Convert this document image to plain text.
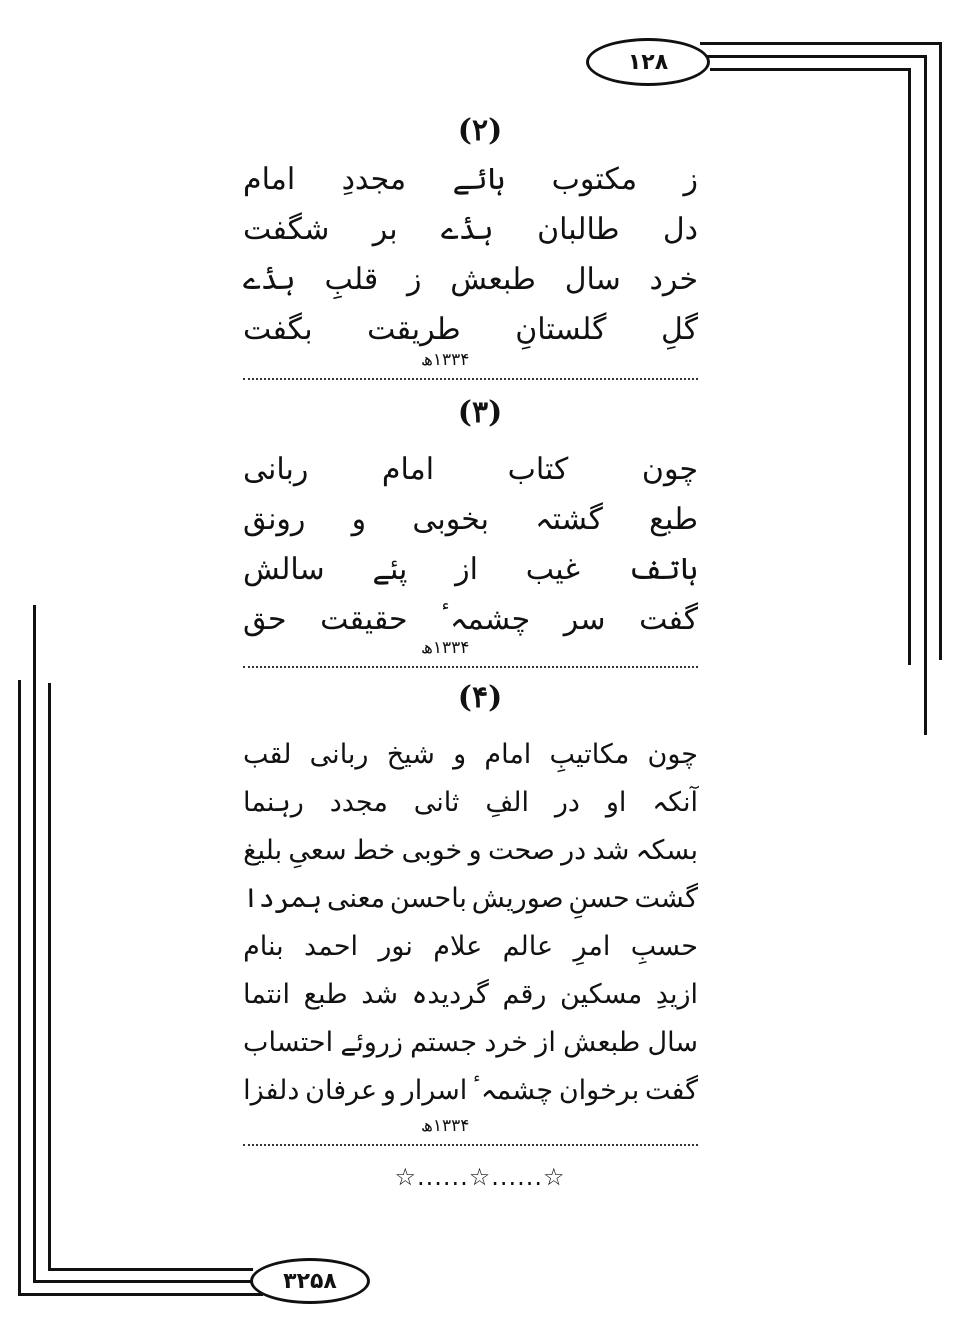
۱۲۸
۳۲۵۸
(۲)
ز
مکتوب
ہائے
مجددِ
امام
دل
طالبان
ہدٔے
بر
شگفت
خرد
سال
طبعش
ز
قلبِ
ہدٔے
گلِ
گلستانِ
طریقت
بگفت
۱۳۳۴ھ
(۳)
چون
کتاب
امام
ربانی
طبع
گشتہ
بخوبی
و
رونق
ہاتف
غیب
از
پئے
سالش
گفت
سر
چشمہٴ
حقیقت
حق
۱۳۳۴ھ
(۴)
چون
مکاتیبِ
امام
و
شیخ
ربانی
لقب
آنکہ
او
در
الفِ
ثانی
مجدد
رہنما
بسکہ
شد
در
صحت
و
خوبی
خط
سعیِ
بلیغ
گشت
حسنِ
صوریش
باحسن
معنی
ہمردا
حسبِ
امرِ
عالم
علام
نور
احمد
بنام
ازیدِ
مسکین
رقم
گردیدہ
شد
طبع
انتما
سال
طبعش
از
خرد
جستم
زروئے
احتساب
گفت
برخوان
چشمہٴ
اسرار
و
عرفان
دلفزا
۱۳۳۴ھ
☆......☆......☆
